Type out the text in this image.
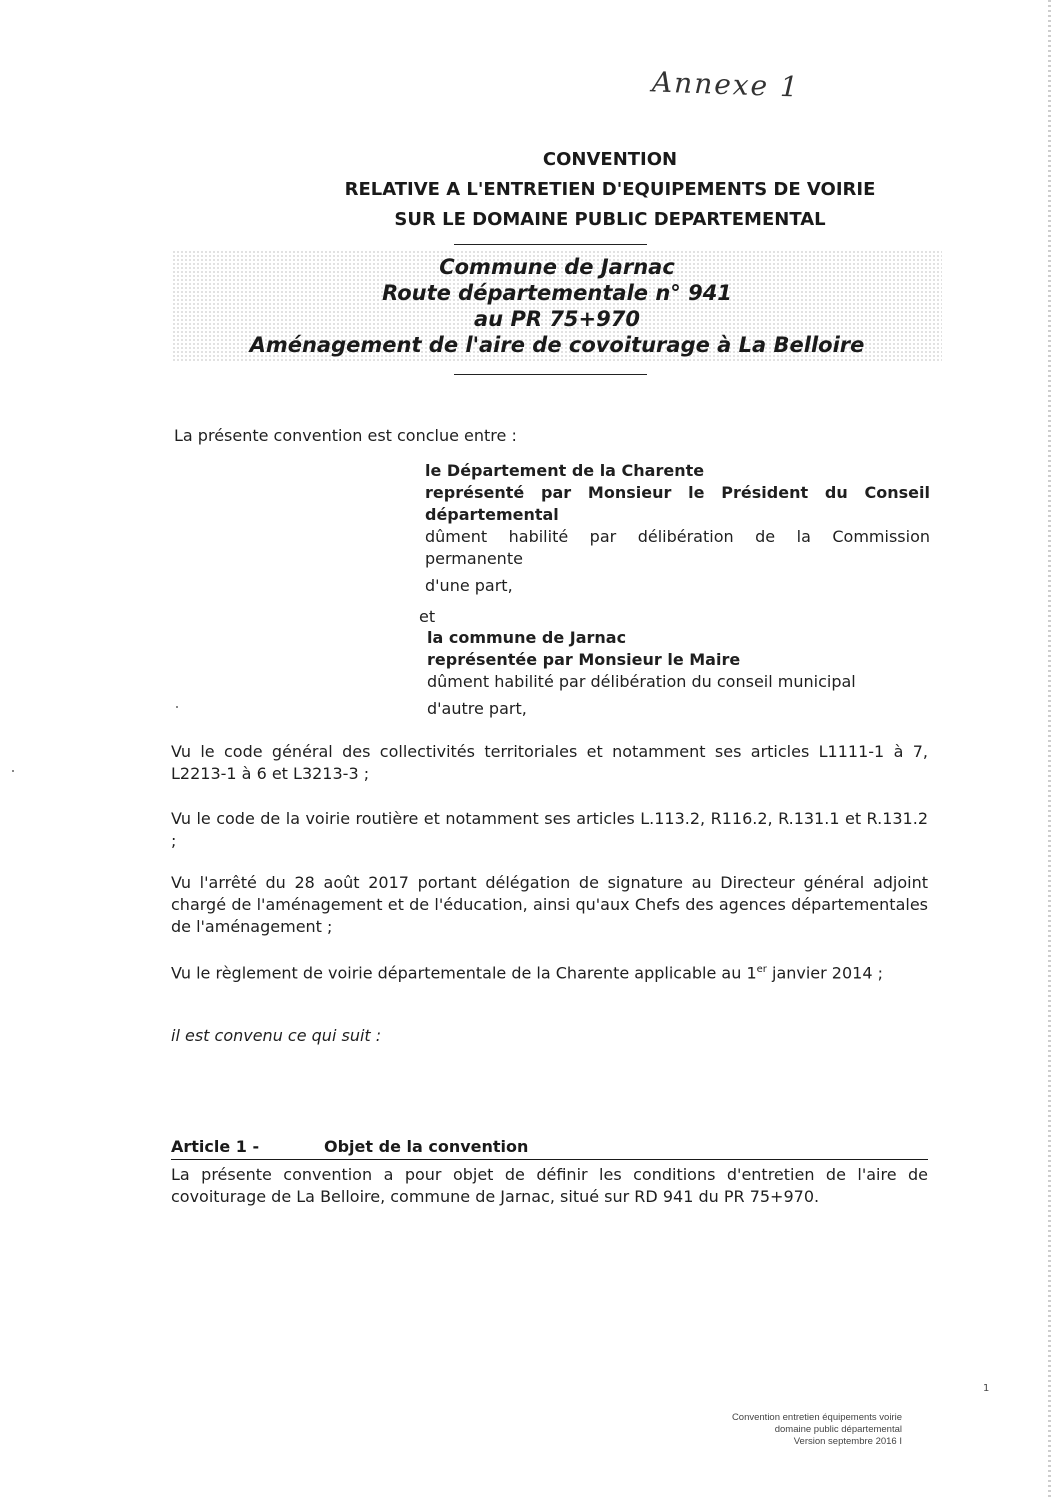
Annexe 1
CONVENTION
RELATIVE A L'ENTRETIEN D'EQUIPEMENTS DE VOIRIE
SUR LE DOMAINE PUBLIC DEPARTEMENTAL
Commune de Jarnac
Route départementale n° 941
au PR 75+970
Aménagement de l'aire de covoiturage à La Belloire
La présente convention est conclue entre :
le Département de la Charente
représenté par Monsieur le Président du Conseil départemental
dûment habilité par délibération de la Commission permanente
d'une part,
et
la commune de Jarnac
représentée par Monsieur le Maire
dûment habilité par délibération du conseil municipal
d'autre part,
Vu le code général des collectivités territoriales et notamment ses articles L1111-1 à 7, L2213-1 à 6 et L3213-3 ;
Vu le code de la voirie routière et notamment ses articles L.113.2, R116.2, R.131.1 et R.131.2 ;
Vu l'arrêté du 28 août 2017 portant délégation de signature au Directeur général adjoint chargé de l'aménagement et de l'éducation, ainsi qu'aux Chefs des agences départementales de l'aménagement ;
Vu le règlement de voirie départementale de la Charente applicable au 1er janvier 2014 ;
il est convenu ce qui suit :
Article 1 -	Objet de la convention
La présente convention a pour objet de définir les conditions d'entretien de l'aire de covoiturage de La Belloire, commune de Jarnac, situé sur RD 941 du PR 75+970.
Convention entretien équipements voirie
domaine public départemental
Version septembre 2016 I
1
